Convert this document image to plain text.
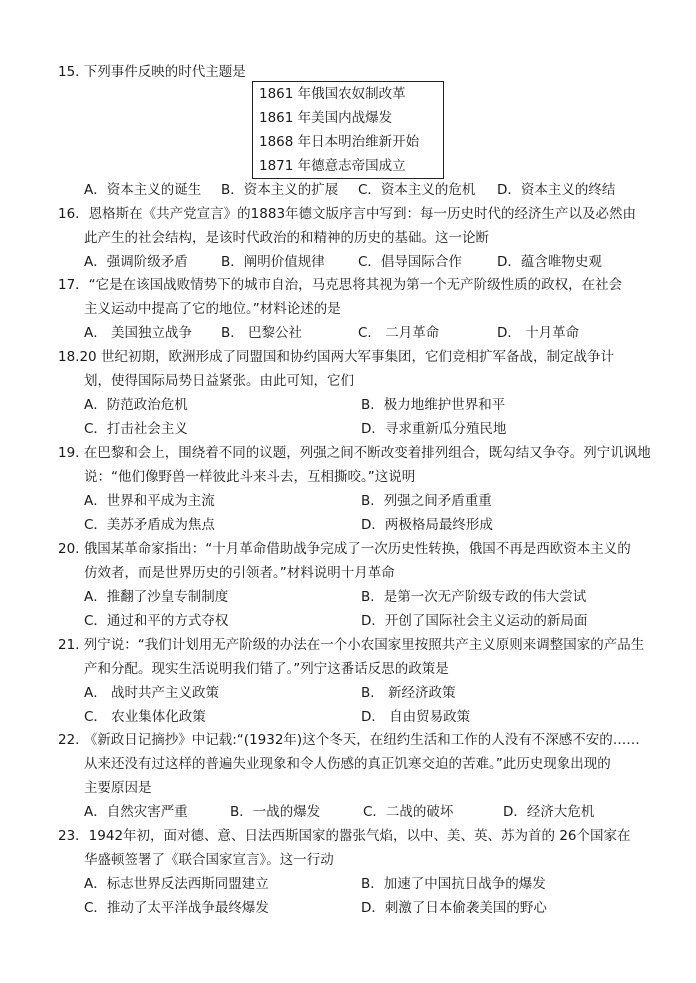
15. 下列事件反映的时代主题是
1861 年俄国农奴制改革
1861 年美国内战爆发
1868 年日本明治维新开始
1871 年德意志帝国成立
A．资本主义的诞生 B．资本主义的扩展 C．资本主义的危机 D．资本主义的终结
16．恩格斯在《共产党宣言》的1883年德文版序言中写到：每一历史时代的经济生产以及必然由
此产生的社会结构，是该时代政治的和精神的历史的基础。这一论断
A．强调阶级矛盾 B．阐明价值规律 C．倡导国际合作	D．蕴含唯物史观
17．“它是在该国战败情势下的城市自治，马克思将其视为第一个无产阶级性质的政权，在社会
主义运动中提高了它的地位。”材料论述的是
A． 美国独立战争 B． 巴黎公社	C． 二月革命	D． 十月革命
18.20 世纪初期，欧洲形成了同盟国和协约国两大军事集团，它们竞相扩军备战，制定战争计
划，使得国际局势日益紧张。由此可知，它们
A．防范政治危机	B．极力地维护世界和平
C．打击社会主义	D．寻求重新瓜分殖民地
19. 在巴黎和会上，围绕着不同的议题，列强之间不断改变着排列组合，既勾结又争夺。列宁讥讽地
说：“他们像野兽一样彼此斗来斗去，互相撕咬。”这说明
A．世界和平成为主流	B．列强之间矛盾重重
C．美苏矛盾成为焦点	D．两极格局最终形成
20. 俄国某革命家指出：“十月革命借助战争完成了一次历史性转换，俄国不再是西欧资本主义的
仿效者，而是世界历史的引领者。”材料说明十月革命
A．推翻了沙皇专制制度	B．是第一次无产阶级专政的伟大尝试
C．通过和平的方式夺权	D．开创了国际社会主义运动的新局面
21. 列宁说：“我们计划用无产阶级的办法在一个小农国家里按照共产主义原则来调整国家的产品生
产和分配。现实生活说明我们错了。”列宁这番话反思的政策是
A． 战时共产主义政策	B． 新经济政策
C． 农业集体化政策	D． 自由贸易政策
22. 《新政日记摘抄》中记载:“(1932年)这个冬天，在纽约生活和工作的人没有不深感不安的……
从来还没有过这样的普遍失业现象和令人伤感的真正饥寒交迫的苦难。”此历史现象出现的
主要原因是
A．自然灾害严重	B．一战的爆发	C．二战的破坏	D．经济大危机
23．1942年初，面对德、意、日法西斯国家的嚣张气焰，以中、美、英、苏为首的 26个国家在
华盛顿签署了《联合国家宣言》。这一行动
A．标志世界反法西斯同盟建立	B．加速了中国抗日战争的爆发
C．推动了太平洋战争最终爆发	D．刺激了日本偷袭美国的野心
